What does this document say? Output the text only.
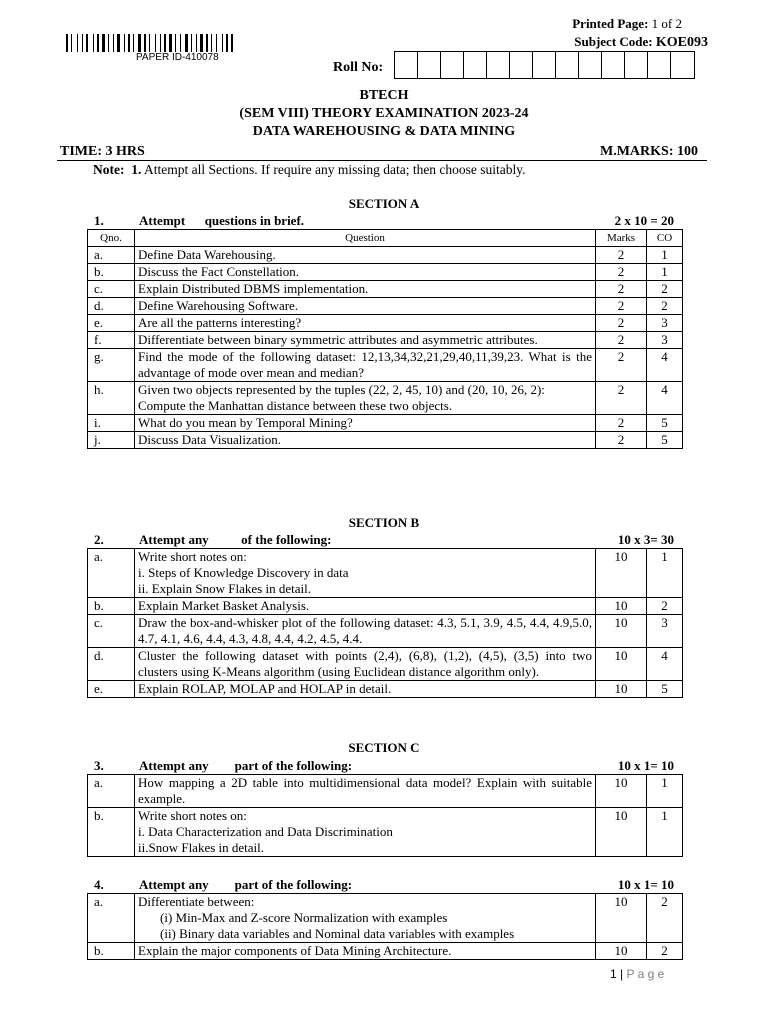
Printed Page: 1 of 2
Subject Code: KOE093
PAPER ID-410078
Roll No:
BTECH
(SEM VIII) THEORY EXAMINATION 2023-24
DATA WAREHOUSING & DATA MINING
TIME: 3 HRS	M.MARKS: 100
Note: 1. Attempt all Sections. If require any missing data; then choose suitably.
SECTION A
1.	Attempt      questions in brief.	2 x 10 = 20
Qno.	Question	Marks	CO
a.	Define Data Warehousing.	2	1
b.	Discuss the Fact Constellation.	2	1
c.	Explain Distributed DBMS implementation.	2	2
d.	Define Warehousing Software.	2	2
e.	Are all the patterns interesting?	2	3
f.	Differentiate between binary symmetric attributes and asymmetric attributes.	2	3
g.	Find the mode of the following dataset: 12,13,34,32,21,29,40,11,39,23. What is the advantage of mode over mean and median?	2	4
h.	Given two objects represented by the tuples (22, 2, 45, 10) and (20, 10, 26, 2):
Compute the Manhattan distance between these two objects.	2	4
i.	What do you mean by Temporal Mining?	2	5
j.	Discuss Data Visualization.	2	5
SECTION B
2.	Attempt any          of the following:	10 x 3= 30
a.	Write short notes on:
i. Steps of Knowledge Discovery in data
ii. Explain Snow Flakes in detail.	10	1
b.	Explain Market Basket Analysis.	10	2
c.	Draw the box-and-whisker plot of the following dataset: 4.3, 5.1, 3.9, 4.5, 4.4, 4.9,5.0, 4.7, 4.1, 4.6, 4.4, 4.3, 4.8, 4.4, 4.2, 4.5, 4.4.	10	3
d.	Cluster the following dataset with points (2,4), (6,8), (1,2), (4,5), (3,5) into two clusters using K-Means algorithm (using Euclidean distance algorithm only).	10	4
e.	Explain ROLAP, MOLAP and HOLAP in detail.	10	5
SECTION C
3.	Attempt any        part of the following:	10 x 1= 10
a.	How mapping a 2D table into multidimensional data model? Explain with suitable example.	10	1
b.	Write short notes on:
i. Data Characterization and Data Discrimination
ii.Snow Flakes in detail.	10	1
4.	Attempt any        part of the following:	10 x 1= 10
a.	Differentiate between:
(i) Min-Max and Z-score Normalization with examples
(ii) Binary data variables and Nominal data variables with examples	10	2
b.	Explain the major components of Data Mining Architecture.	10	2
1 | P a g e
